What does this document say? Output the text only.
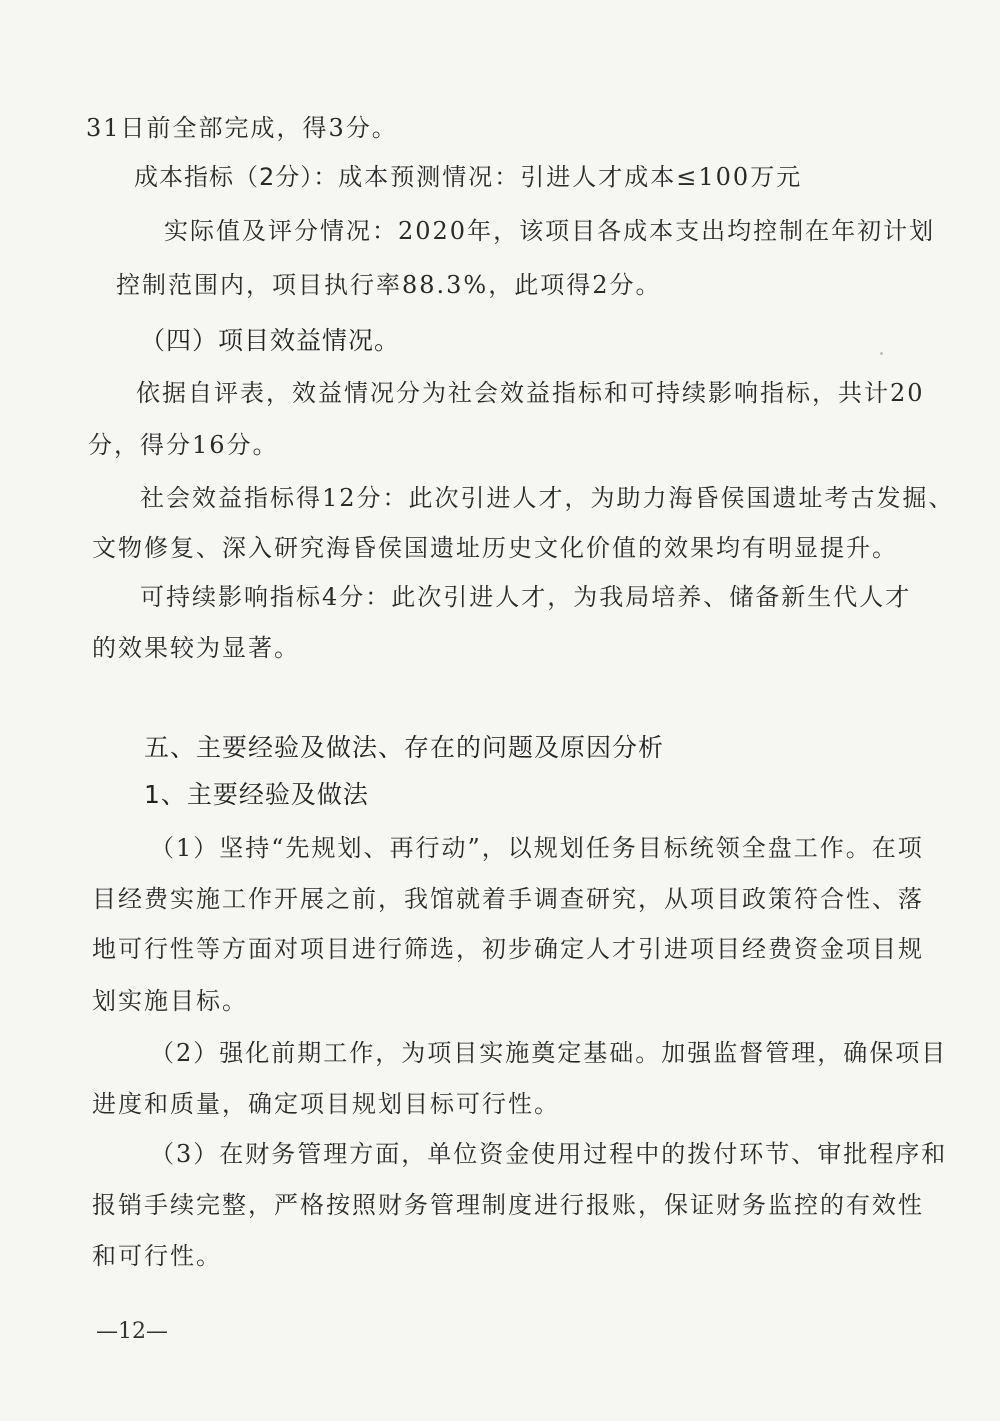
31日前全部完成，得3分。
成本指标（2分）：成本预测情况：引进人才成本≤100万元
实际值及评分情况：2020年，该项目各成本支出均控制在年初计划
控制范围内，项目执行率88.3%，此项得2分。
（四）项目效益情况。
依据自评表，效益情况分为社会效益指标和可持续影响指标，共计20
分，得分16分。
社会效益指标得12分：此次引进人才，为助力海昏侯国遗址考古发掘、
文物修复、深入研究海昏侯国遗址历史文化价值的效果均有明显提升。
可持续影响指标4分：此次引进人才，为我局培养、储备新生代人才
的效果较为显著。
五、主要经验及做法、存在的问题及原因分析
1、主要经验及做法
（1）坚持“先规划、再行动”，以规划任务目标统领全盘工作。在项
目经费实施工作开展之前，我馆就着手调查研究，从项目政策符合性、落
地可行性等方面对项目进行筛选，初步确定人才引进项目经费资金项目规
划实施目标。
（2）强化前期工作，为项目实施奠定基础。加强监督管理，确保项目
进度和质量，确定项目规划目标可行性。
（3）在财务管理方面，单位资金使用过程中的拨付环节、审批程序和
报销手续完整，严格按照财务管理制度进行报账，保证财务监控的有效性
和可行性。
—12—
